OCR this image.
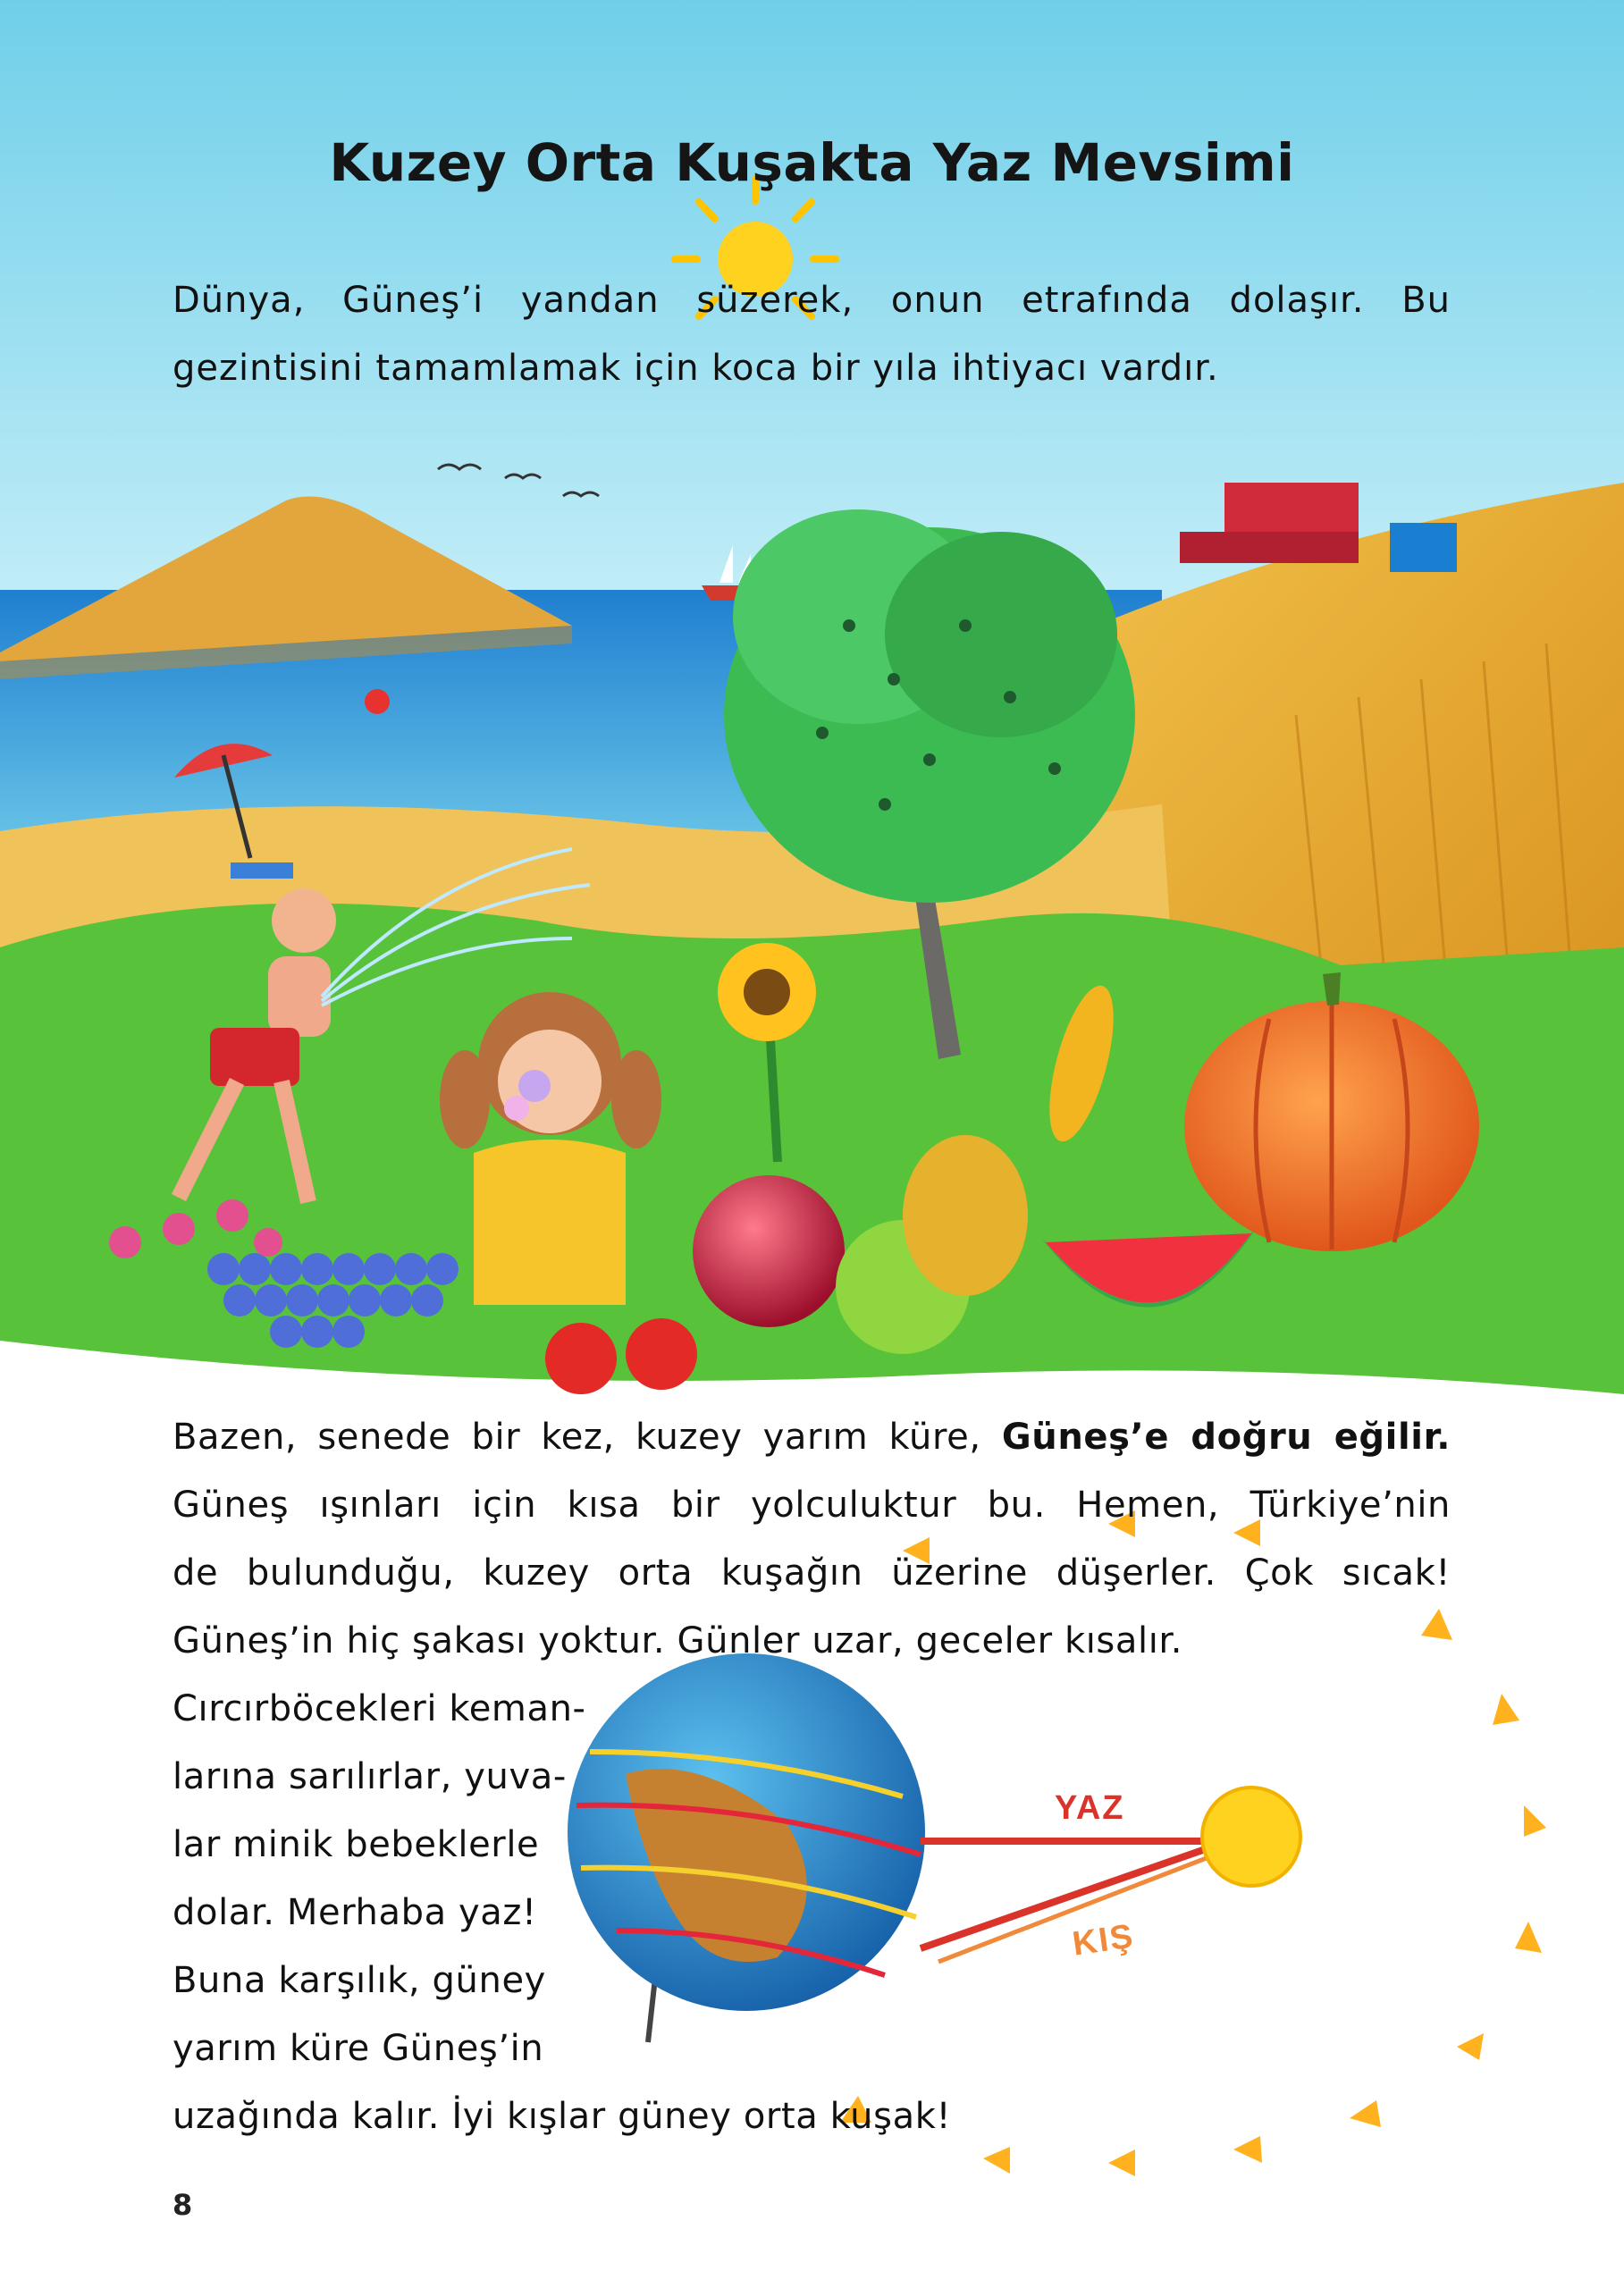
Kuzey Orta Kuşakta Yaz Mevsimi

Dünya, Güneş’i yandan süzerek, onun etrafında dolaşır. Bu gezintisini tamamlamak için koca bir yıla ihtiyacı vardır.

Bazen, senede bir kez, kuzey yarım küre, Güneş’e doğru eğilir.
Güneş ışınları için kısa bir yolculuktur bu. Hemen, Türkiye’nin
de bulunduğu, kuzey orta kuşağın üzerine düşerler. Çok sıcak!
Güneş’in hiç şakası yoktur. Günler uzar, geceler kısalır.
Cırcırböcekleri keman-
larına sarılırlar, yuva-
lar minik bebeklerle
dolar. Merhaba yaz!
Buna karşılık, güney
yarım küre Güneş’in
uzağında kalır. İyi kışlar güney orta kuşak!
YAZ
KIŞ
8
